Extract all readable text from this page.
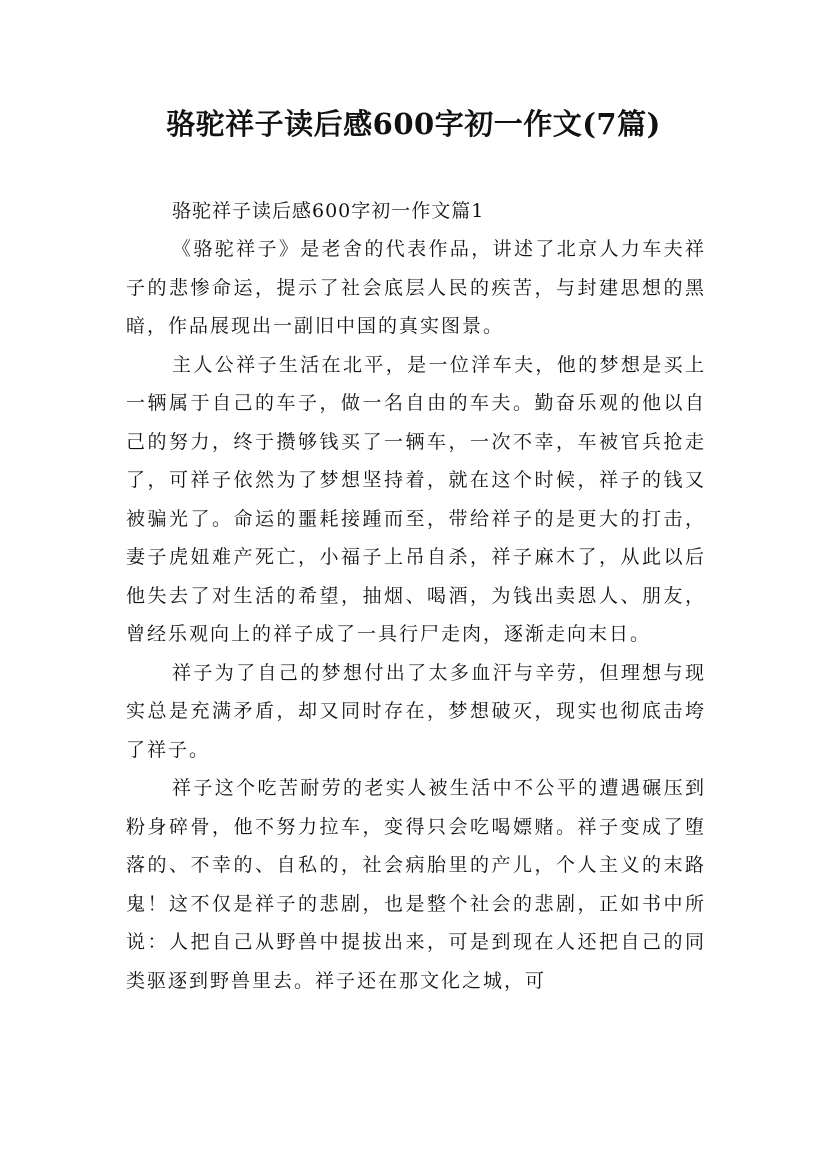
骆驼祥子读后感600字初一作文(7篇)
骆驼祥子读后感600字初一作文篇1

《骆驼祥子》是老舍的代表作品，讲述了北京人力车夫祥子的悲惨命运，提示了社会底层人民的疾苦，与封建思想的黑暗，作品展现出一副旧中国的真实图景。

主人公祥子生活在北平，是一位洋车夫，他的梦想是买上一辆属于自己的车子，做一名自由的车夫。勤奋乐观的他以自己的努力，终于攒够钱买了一辆车，一次不幸，车被官兵抢走了，可祥子依然为了梦想坚持着，就在这个时候，祥子的钱又被骗光了。命运的噩耗接踵而至，带给祥子的是更大的打击，妻子虎妞难产死亡，小福子上吊自杀，祥子麻木了，从此以后他失去了对生活的希望，抽烟、喝酒，为钱出卖恩人、朋友，曾经乐观向上的祥子成了一具行尸走肉，逐渐走向末日。

祥子为了自己的梦想付出了太多血汗与辛劳，但理想与现实总是充满矛盾，却又同时存在，梦想破灭，现实也彻底击垮了祥子。

祥子这个吃苦耐劳的老实人被生活中不公平的遭遇碾压到粉身碎骨，他不努力拉车，变得只会吃喝嫖赌。祥子变成了堕落的、不幸的、自私的，社会病胎里的产儿，个人主义的末路鬼！这不仅是祥子的悲剧，也是整个社会的悲剧，正如书中所说：人把自己从野兽中提拔出来，可是到现在人还把自己的同类驱逐到野兽里去。祥子还在那文化之城，可
